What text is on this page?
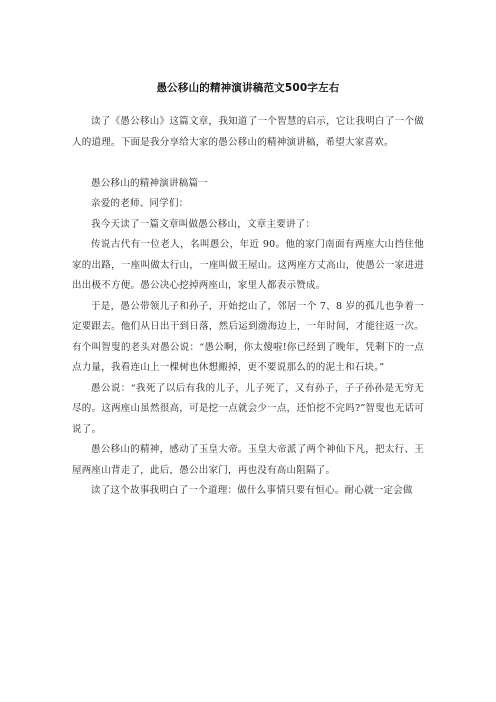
愚公移山的精神演讲稿范文500字左右

读了《愚公移山》这篇文章，我知道了一个智慧的启示，它让我明白了一个做人的道理。下面是我分享给大家的愚公移山的精神演讲稿，希望大家喜欢。

愚公移山的精神演讲稿篇一

亲爱的老师、同学们：

我今天读了一篇文章叫做愚公移山，文章主要讲了：

传说古代有一位老人，名叫愚公，年近 90。他的家门南面有两座大山挡住他家的出路，一座叫做太行山，一座叫做王屋山。这两座方丈高山，使愚公一家进进出出极不方便。愚公决心挖掉两座山，家里人都表示赞成。

于是，愚公带领儿子和孙子，开始挖山了，邻居一个 7、8 岁的孤儿也争着一定要跟去。他们从日出干到日落，然后运到渤海边上，一年时间，才能往返一次。有个叫智叟的老头对愚公说：“愚公啊，你太傻啦!你已经到了晚年，凭剩下的一点点力量，我看连山上一棵树也休想搬掉，更不要说那么的的泥土和石块。”

愚公说：“我死了以后有我的儿子，儿子死了，又有孙子，子子孙孙是无穷无尽的。这两座山虽然很高，可是挖一点就会少一点，还怕挖不完吗?”智叟也无话可说了。

愚公移山的精神，感动了玉皇大帝。玉皇大帝派了两个神仙下凡，把太行、王屋两座山背走了，此后，愚公出家门，再也没有高山阻隔了。

读了这个故事我明白了一个道理：做什么事情只要有恒心。耐心就一定会做
